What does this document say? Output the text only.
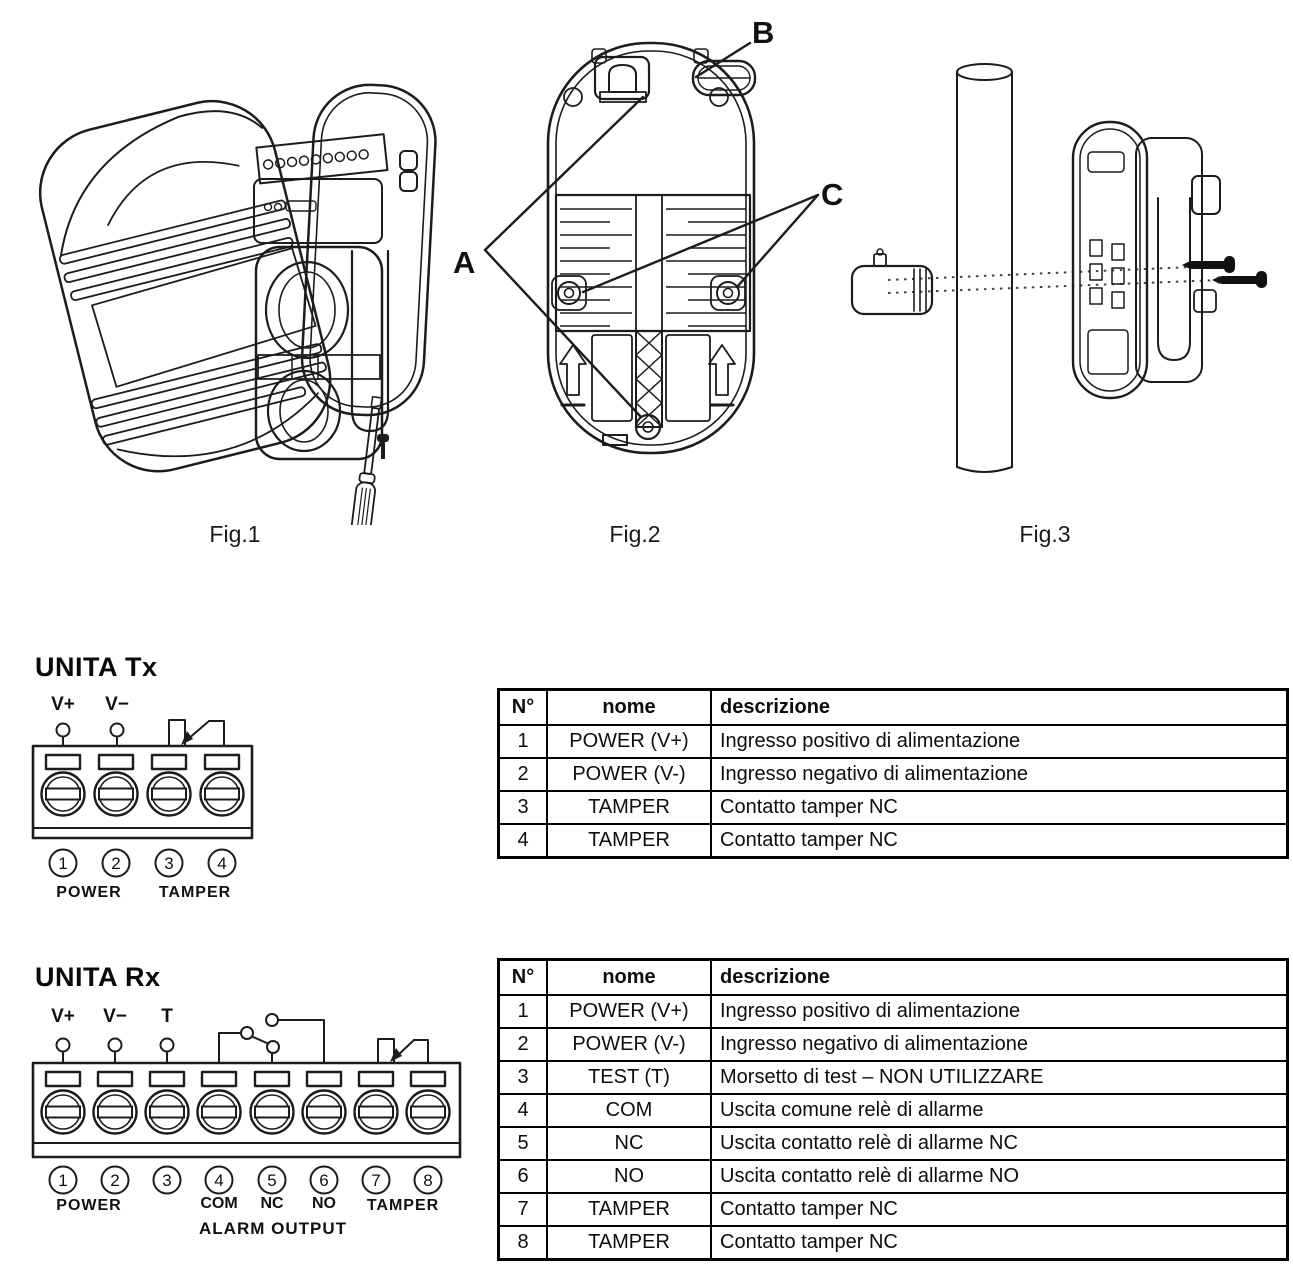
A
B
C
Fig.1	Fig.2	Fig.3
UNITA Tx
V+ V−
1	2	3	4
POWER TAMPER
N°	nome	descrizione
1	POWER (V+)	Ingresso positivo di alimentazione
2	POWER (V-)	Ingresso negativo di alimentazione
3	TAMPER	Contatto tamper NC
4	TAMPER	Contatto tamper NC
UNITA Rx
V+ V− T
1	2	3	4	5	6	7	8
POWER	COM NC NO TAMPER
ALARM OUTPUT
N°	nome	descrizione
1	POWER (V+)	Ingresso positivo di alimentazione
2	POWER (V-)	Ingresso negativo di alimentazione
3	TEST (T)	Morsetto di test – NON UTILIZZARE
4	COM	Uscita comune relè di allarme
5	NC	Uscita contatto relè di allarme NC
6	NO	Uscita contatto relè di allarme NO
7	TAMPER	Contatto tamper NC
8	TAMPER	Contatto tamper NC
